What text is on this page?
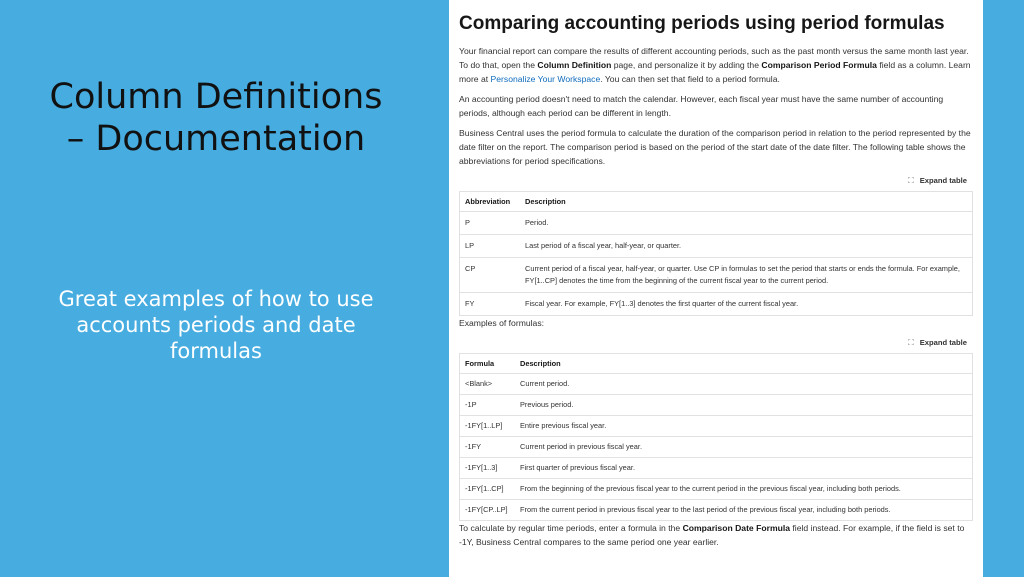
Column Definitions – Documentation
Great examples of how to use accounts periods and date formulas
Comparing accounting periods using period formulas

Your financial report can compare the results of different accounting periods, such as the past month versus the same month last year. To do that, open the Column Definition page, and personalize it by adding the Comparison Period Formula field as a column. Learn more at Personalize Your Workspace. You can then set that field to a period formula.

An accounting period doesn't need to match the calendar. However, each fiscal year must have the same number of accounting periods, although each period can be different in length.

Business Central uses the period formula to calculate the duration of the comparison period in relation to the period represented by the date filter on the report. The comparison period is based on the period of the start date of the date filter. The following table shows the abbreviations for period specifications.

⛶ Expand table
Abbreviation	Description
P	Period.
LP	Last period of a fiscal year, half-year, or quarter.
CP	Current period of a fiscal year, half-year, or quarter. Use CP in formulas to set the period that starts or ends the formula. For example, FY[1..CP] denotes the time from the beginning of the current fiscal year to the current period.
FY	Fiscal year. For example, FY[1..3] denotes the first quarter of the current fiscal year.

Examples of formulas:

⛶ Expand table
Formula	Description
<Blank>	Current period.
-1P	Previous period.
-1FY[1..LP]	Entire previous fiscal year.
-1FY	Current period in previous fiscal year.
-1FY[1..3]	First quarter of previous fiscal year.
-1FY[1..CP]	From the beginning of the previous fiscal year to the current period in the previous fiscal year, including both periods.
-1FY[CP..LP]	From the current period in previous fiscal year to the last period of the previous fiscal year, including both periods.

To calculate by regular time periods, enter a formula in the Comparison Date Formula field instead. For example, if the field is set to -1Y, Business Central compares to the same period one year earlier.
